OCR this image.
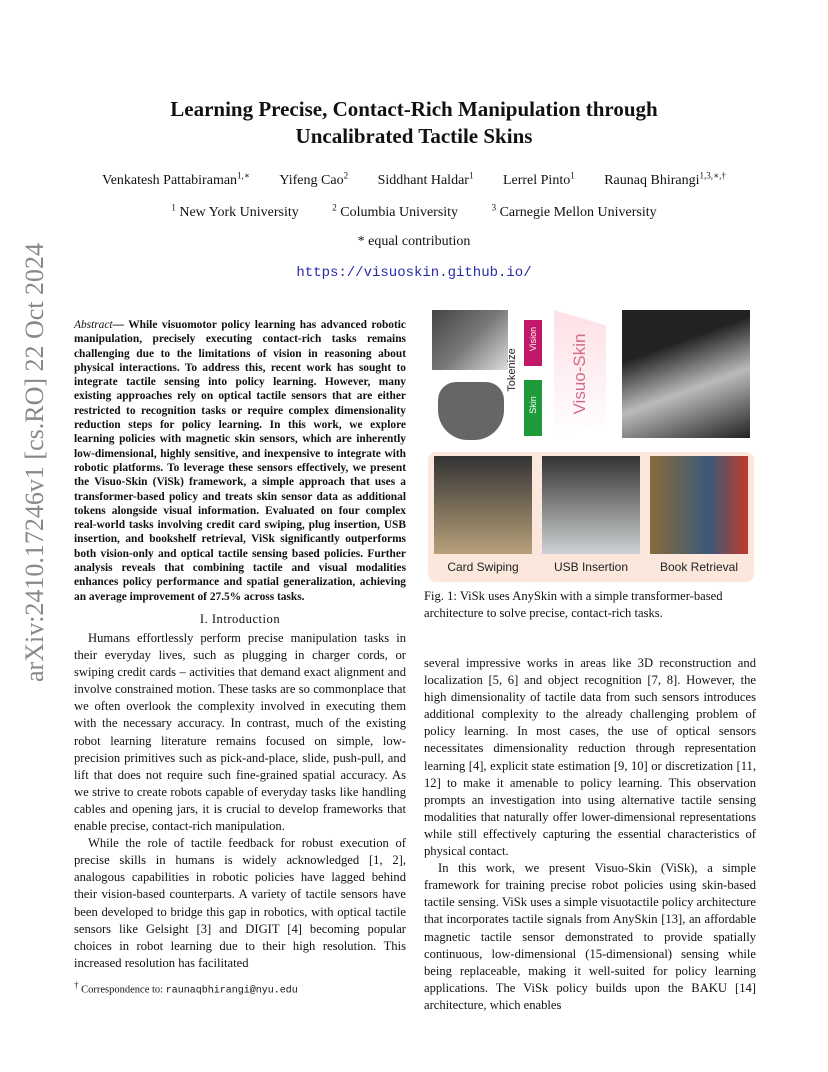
Learning Precise, Contact-Rich Manipulation through
Uncalibrated Tactile Skins
Venkatesh Pattabiraman$^{1,∗}$ Yifeng Cao$^2$ Siddhant Haldar$^1$ Lerrel Pinto$^1$ Raunaq Bhirangi$^{1,3,∗,\dagger}$
$^1$ New York University	$^2$ Columbia University	$^3$ Carnegie Mellon University
* equal contribution
https://visuoskin.github.io/
arXiv:2410.17246v1 [cs.RO] 22 Oct 2024 Abstract— While visuomotor policy learning has advanced robotic manipulation, precisely executing contact-rich tasks remains challenging due to the limitations of vision in reasoning about physical interactions. To address this, recent work has sought to integrate tactile sensing into policy learning. However, many existing approaches rely on optical tactile sensors that are either restricted to recognition tasks or require complex dimensionality reduction steps for policy learning. In this work, we explore learning policies with magnetic skin sensors, which are inherently low-dimensional, highly sensitive, and inexpensive to integrate with robotic platforms. To leverage these sensors effectively, we present the Visuo-Skin (ViSk) framework, a simple approach that uses a transformer-based policy and treats skin sensor data as additional tokens alongside visual information. Evaluated on four complex real-world tasks involving credit card swiping, plug insertion, USB insertion, and bookshelf retrieval, ViSk significantly outperforms both vision-only and optical tactile sensing based policies. Further analysis reveals that combining tactile and visual modalities enhances policy performance and spatial generalization, achieving an average improvement of 27.5% across tasks.
I. Introduction

Humans effortlessly perform precise manipulation tasks in their everyday lives, such as plugging in charger cords, or swiping credit cards – activities that demand exact alignment and involve constrained motion. These tasks are so commonplace that we often overlook the complexity involved in executing them with the necessary accuracy. In contrast, much of the existing robot learning literature remains focused on simple, low-precision primitives such as pick-and-place, slide, push-pull, and lift that does not require such fine-grained spatial accuracy. As we strive to create robots capable of everyday tasks like handling cables and opening jars, it is crucial to develop frameworks that enable precise, contact-rich manipulation.

While the role of tactile feedback for robust execution of precise skills in humans is widely acknowledged [1, 2], analogous capabilities in robotic policies have lagged behind their vision-based counterparts. A variety of tactile sensors have been developed to bridge this gap in robotics, with optical tactile sensors like Gelsight [3] and DIGIT [4] becoming popular choices in robot learning due to their high resolution. This increased resolution has facilitated

† Correspondence to: raunaqbhirangi@nyu.edu
Tokenize
Vision
Skin Visuo-Skin
Card Swiping	USB Insertion	Book Retrieval
Fig. 1: ViSk uses AnySkin with a simple transformer-based architecture to solve precise, contact-rich tasks.

several impressive works in areas like 3D reconstruction and localization [5, 6] and object recognition [7, 8]. However, the high dimensionality of tactile data from such sensors introduces additional complexity to the already challenging problem of policy learning. In most cases, the use of optical sensors necessitates dimensionality reduction through representation learning [4], explicit state estimation [9, 10] or discretization [11, 12] to make it amenable to policy learning. This observation prompts an investigation into using alternative tactile sensing modalities that naturally offer lower-dimensional representations while still effectively capturing the essential characteristics of physical contact.

In this work, we present Visuo-Skin (ViSk), a simple framework for training precise robot policies using skin-based tactile sensing. ViSk uses a simple visuotactile policy architecture that incorporates tactile signals from AnySkin [13], an affordable magnetic tactile sensor demonstrated to provide spatially continuous, low-dimensional (15-dimensional) sensing while being replaceable, making it well-suited for policy learning applications. The ViSk policy builds upon the BAKU [14] architecture, which enables
